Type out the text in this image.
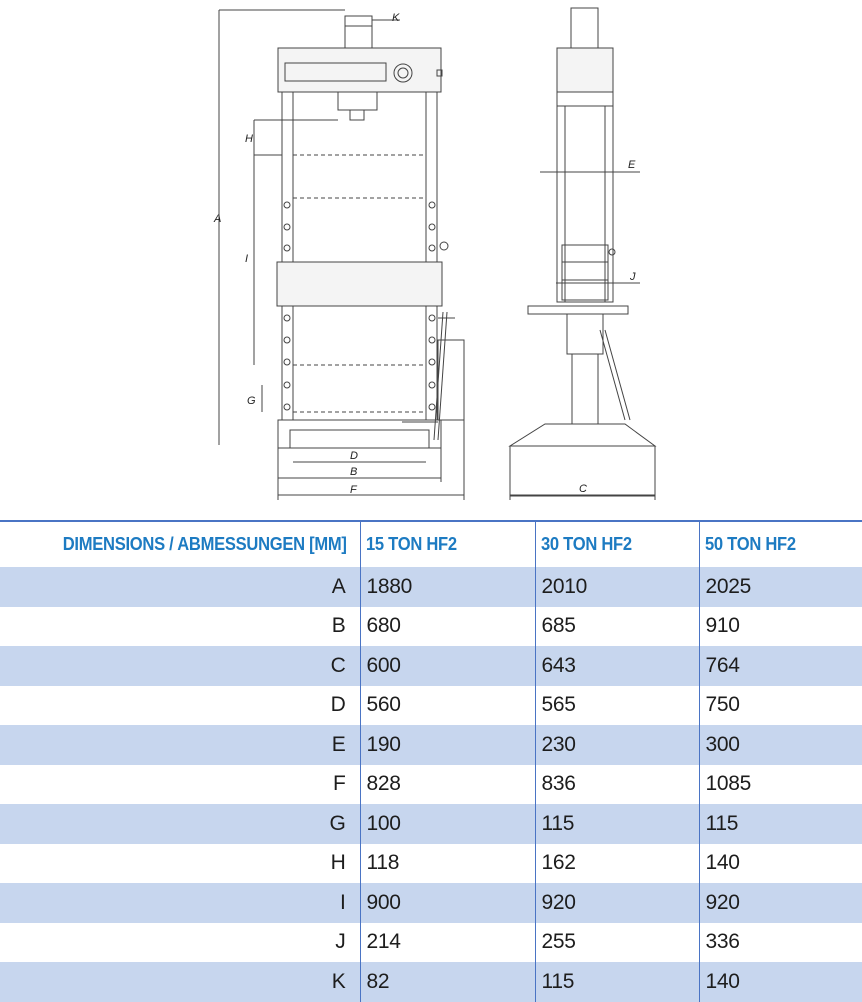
A
B
C
D
E
F
G
H
I
J
K
DIMENSIONS / ABMESSUNGEN [MM]	15 TON HF2	30 TON HF2	50 TON HF2
A	1880	2010	2025
B	680	685	910
C	600	643	764
D	560	565	750
E	190	230	300
F	828	836	1085
G	100	115	115
H	118	162	140
I	900	920	920
J	214	255	336
K	82	115	140
